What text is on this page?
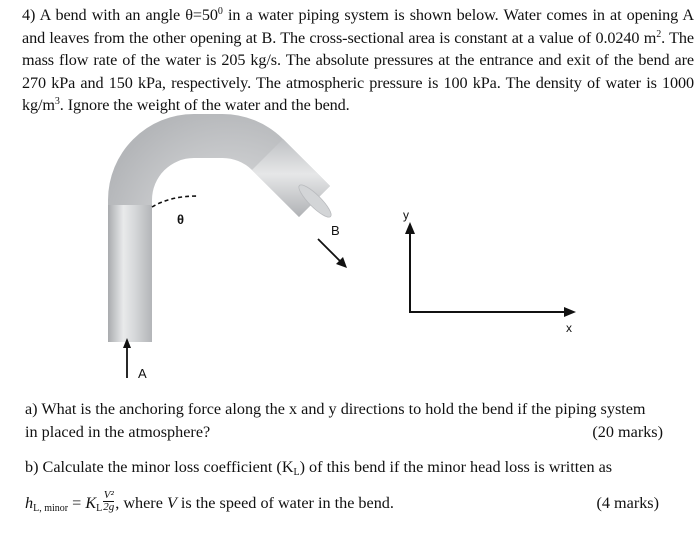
4) A bend with an angle $\theta=50^0$ in a water piping system is shown below. Water comes in at opening A and leaves from the other opening at B. The cross-sectional area is constant at a value of 0.0240 $m^2$. The mass flow rate of the water is 205 kg/s. The absolute pressures at the entrance and exit of the bend are 270 kPa and 150 kPa, respectively. The atmospheric pressure is 100 kPa. The density of water is 1000 $kg/m^3$. Ignore the weight of the water and the bend.
θ
A
B
y
x
a) What is the anchoring force along the x and y directions to hold the bend if the piping system
in placed in the atmosphere?	(20 marks)
b) Calculate the minor loss coefficient $(K_L)$ of this bend if the minor head loss is written as
$h_{L, minor} = K_L \frac{\text{V²}}{2g}$ , where V is the speed of water in the bend.	(4 marks)
